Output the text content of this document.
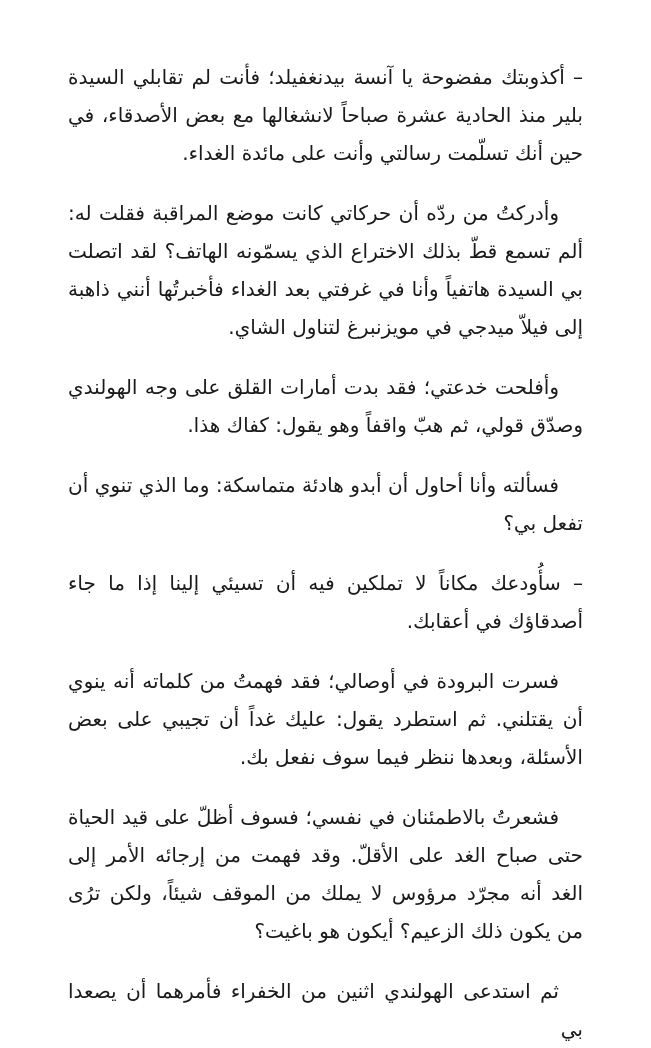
– أكذوبتك مفضوحة يا آنسة بيدنغفيلد؛ فأنت لم تقابلي السيدة بلير منذ الحادية عشرة صباحاً لانشغالها مع بعض الأصدقاء، في حين أنك تسلّمت رسالتي وأنت على مائدة الغداء.

وأدركتُ من ردّه أن حركاتي كانت موضع المراقبة فقلت له: ألم تسمع قطّ بذلك الاختراع الذي يسمّونه الهاتف؟ لقد اتصلت بي السيدة هاتفياً وأنا في غرفتي بعد الغداء فأخبرتُها أنني ذاهبة إلى فيلاّ ميدجي في مويزنبرغ لتناول الشاي.

وأفلحت خدعتي؛ فقد بدت أمارات القلق على وجه الهولندي وصدّق قولي، ثم هبّ واقفاً وهو يقول: كفاك هذا.

فسألته وأنا أحاول أن أبدو هادئة متماسكة: وما الذي تنوي أن تفعل بي؟

– سأُودعك مكاناً لا تملكين فيه أن تسيئي إلينا إذا ما جاء أصدقاؤك في أعقابك.

فسرت البرودة في أوصالي؛ فقد فهمتُ من كلماته أنه ينوي أن يقتلني. ثم استطرد يقول: عليك غداً أن تجيبي على بعض الأسئلة، وبعدها ننظر فيما سوف نفعل بك.

فشعرتُ بالاطمئنان في نفسي؛ فسوف أظلّ على قيد الحياة حتى صباح الغد على الأقلّ. وقد فهمت من إرجائه الأمر إلى الغد أنه مجرّد مرؤوس لا يملك من الموقف شيئاً، ولكن ترُى من يكون ذلك الزعيم؟ أيكون هو باغيت؟

ثم استدعى الهولندي اثنين من الخفراء فأمرهما أن يصعدا بي
